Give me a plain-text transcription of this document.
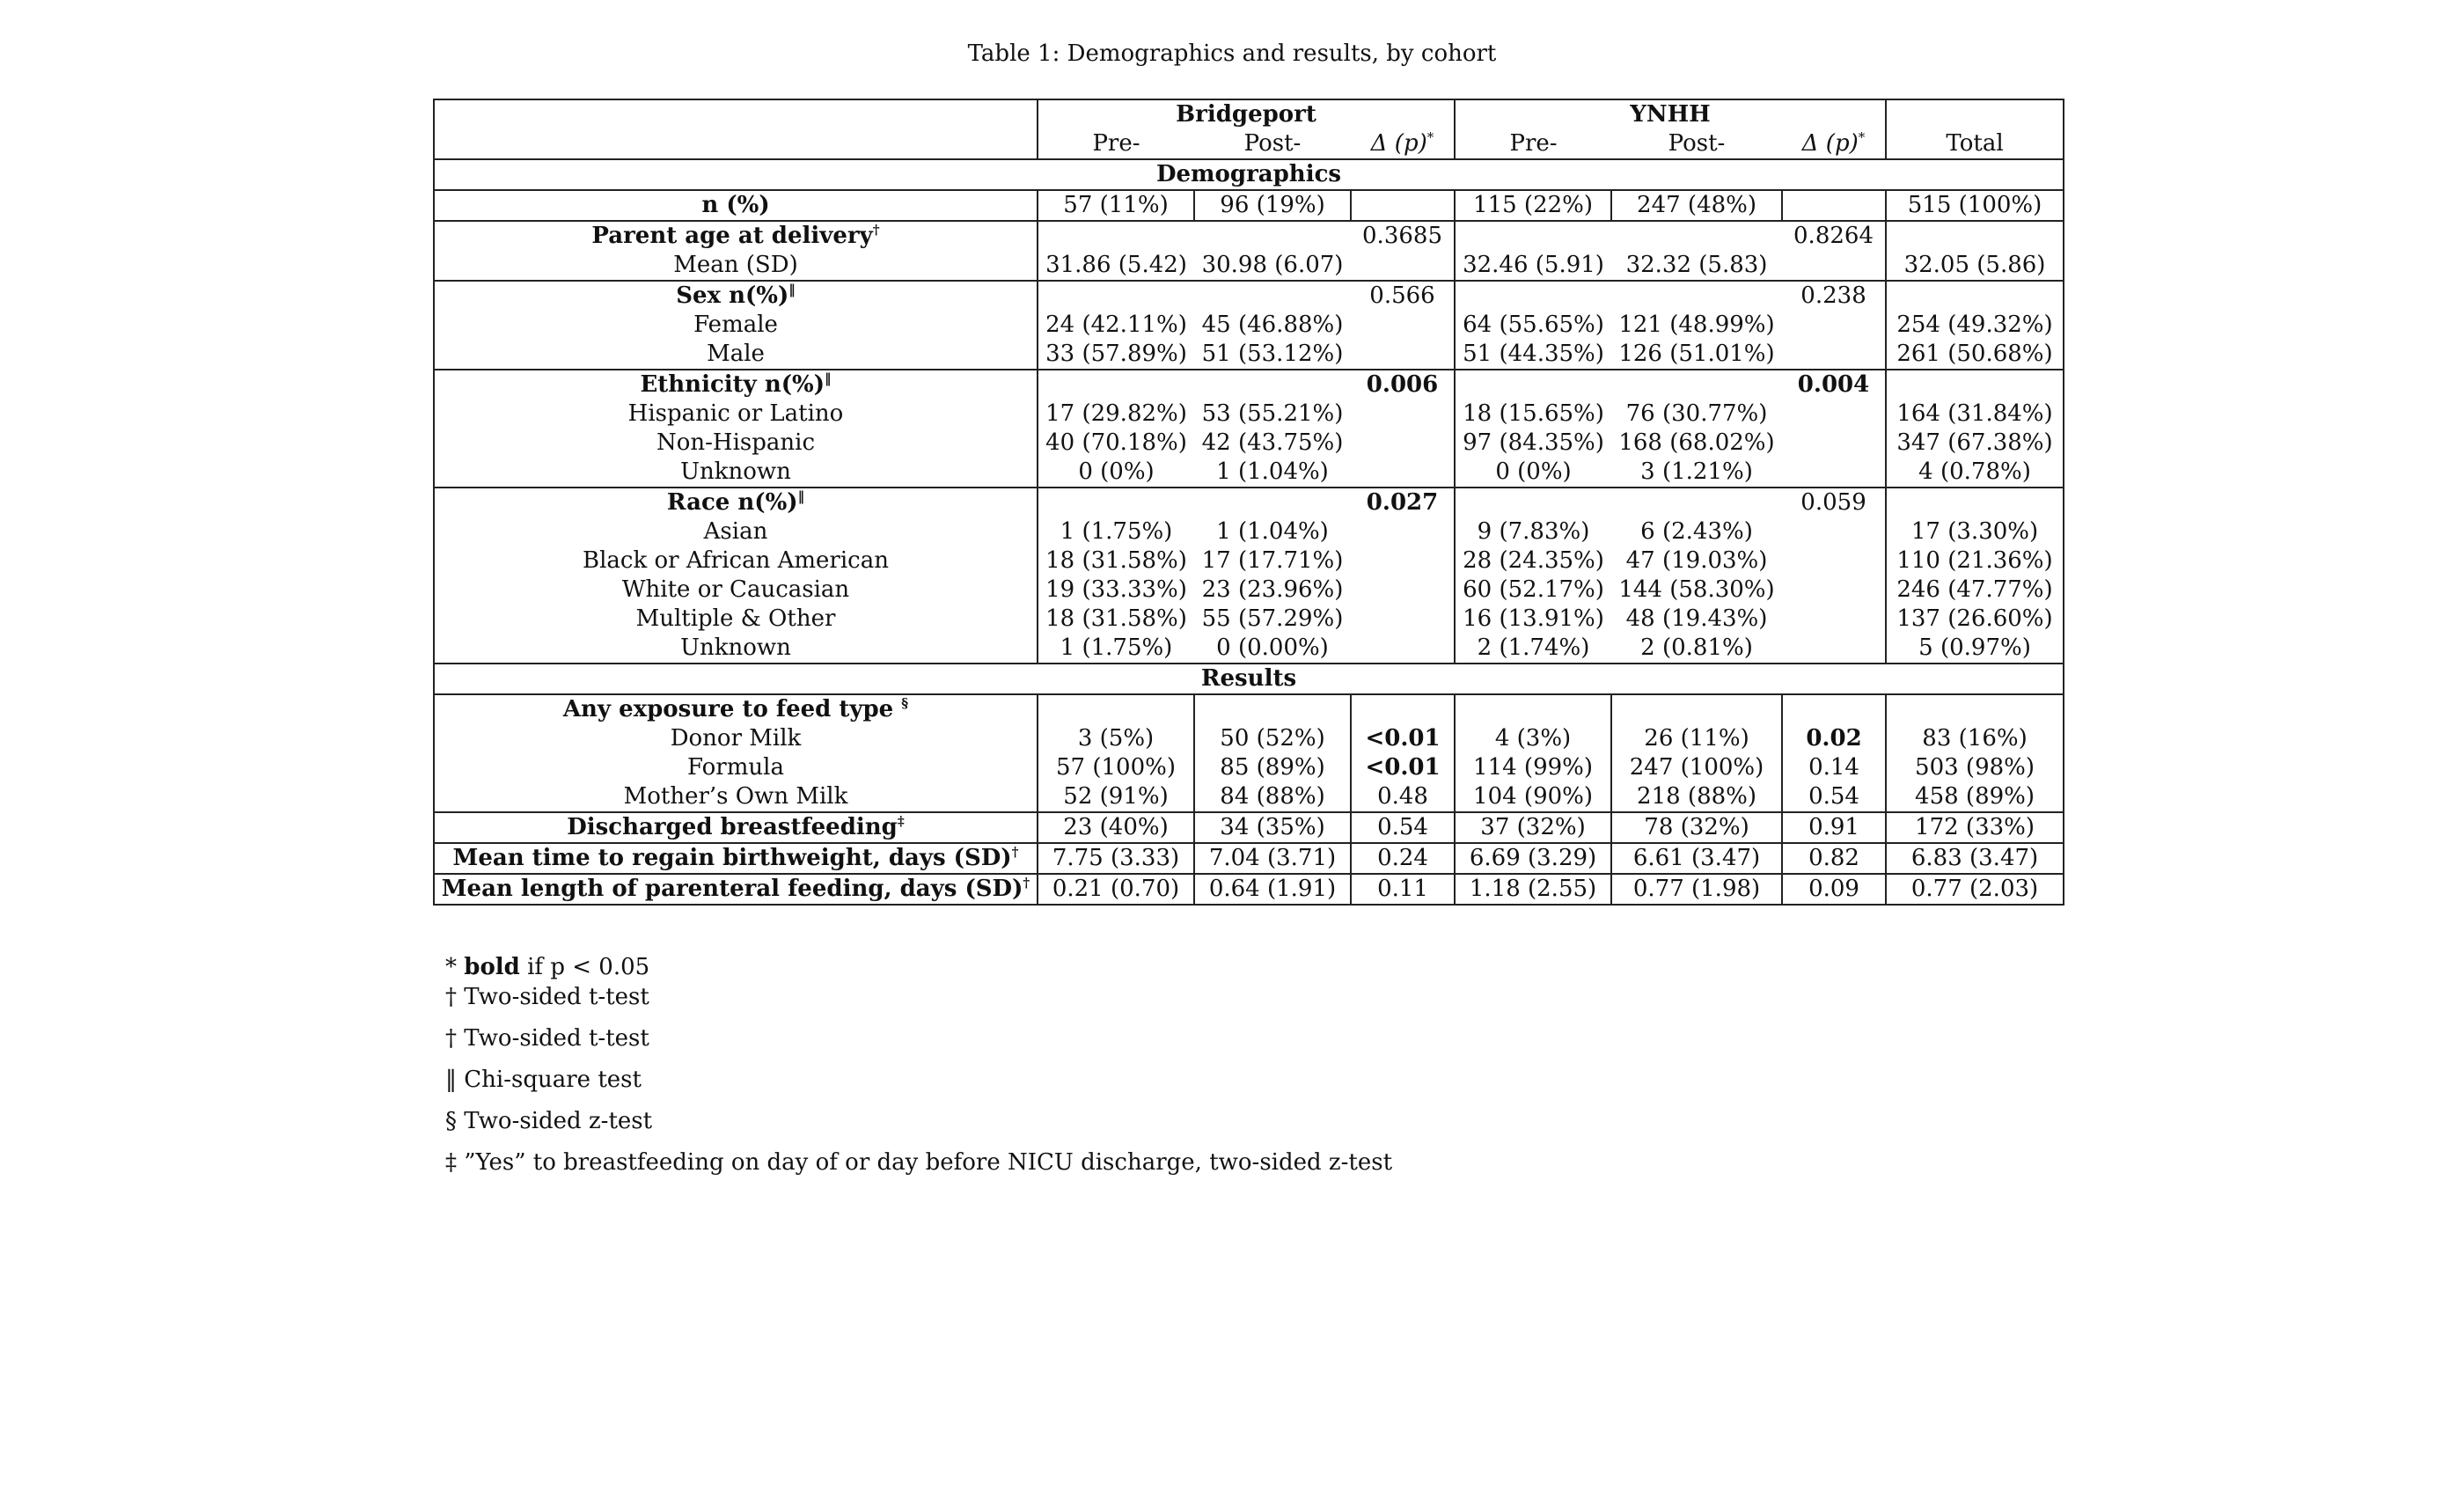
Table 1: Demographics and results, by cohort
	Bridgeport			YNHH			
	Pre-	Post-	Δ (p)*	Pre-	Post-	Δ (p)*	Total
Demographics							
n (%)	57 (11%)	96 (19%)		115 (22%)	247 (48%)		515 (100%)
Parent age at delivery†			0.3685			0.8264	
Mean (SD)	31.86 (5.42)	30.98 (6.07)		32.46 (5.91)	32.32 (5.83)		32.05 (5.86)
Sex n(%)‖			0.566			0.238	
Female	24 (42.11%)	45 (46.88%)		64 (55.65%)	121 (48.99%)		254 (49.32%)
Male	33 (57.89%)	51 (53.12%)		51 (44.35%)	126 (51.01%)		261 (50.68%)
Ethnicity n(%)‖			0.006			0.004	
Hispanic or Latino	17 (29.82%)	53 (55.21%)		18 (15.65%)	76 (30.77%)		164 (31.84%)
Non-Hispanic	40 (70.18%)	42 (43.75%)		97 (84.35%)	168 (68.02%)		347 (67.38%)
Unknown	0 (0%)	1 (1.04%)		0 (0%)	3 (1.21%)		4 (0.78%)
Race n(%)‖			0.027			0.059	
Asian	1 (1.75%)	1 (1.04%)		9 (7.83%)	6 (2.43%)		17 (3.30%)
Black or African American	18 (31.58%)	17 (17.71%)		28 (24.35%)	47 (19.03%)		110 (21.36%)
White or Caucasian	19 (33.33%)	23 (23.96%)		60 (52.17%)	144 (58.30%)		246 (47.77%)
Multiple & Other	18 (31.58%)	55 (57.29%)		16 (13.91%)	48 (19.43%)		137 (26.60%)
Unknown	1 (1.75%)	0 (0.00%)		2 (1.74%)	2 (0.81%)		5 (0.97%)
Results							
Any exposure to feed type §							
Donor Milk	3 (5%)	50 (52%)	<0.01	4 (3%)	26 (11%)	0.02	83 (16%)
Formula	57 (100%)	85 (89%)	<0.01	114 (99%)	247 (100%)	0.14	503 (98%)
Mother’s Own Milk	52 (91%)	84 (88%)	0.48	104 (90%)	218 (88%)	0.54	458 (89%)
Discharged breastfeeding‡	23 (40%)	34 (35%)	0.54	37 (32%)	78 (32%)	0.91	172 (33%)
Mean time to regain birthweight, days (SD)†	7.75 (3.33)	7.04 (3.71)	0.24	6.69 (3.29)	6.61 (3.47)	0.82	6.83 (3.47)
Mean length of parenteral feeding, days (SD)†	0.21 (0.70)	0.64 (1.91)	0.11	1.18 (2.55)	0.77 (1.98)	0.09	0.77 (2.03)
* bold if p < 0.05
† Two-sided t-test
† Two-sided t-test
‖ Chi-square test
§ Two-sided z-test
‡ ”Yes” to breastfeeding on day of or day before NICU discharge, two-sided z-test
